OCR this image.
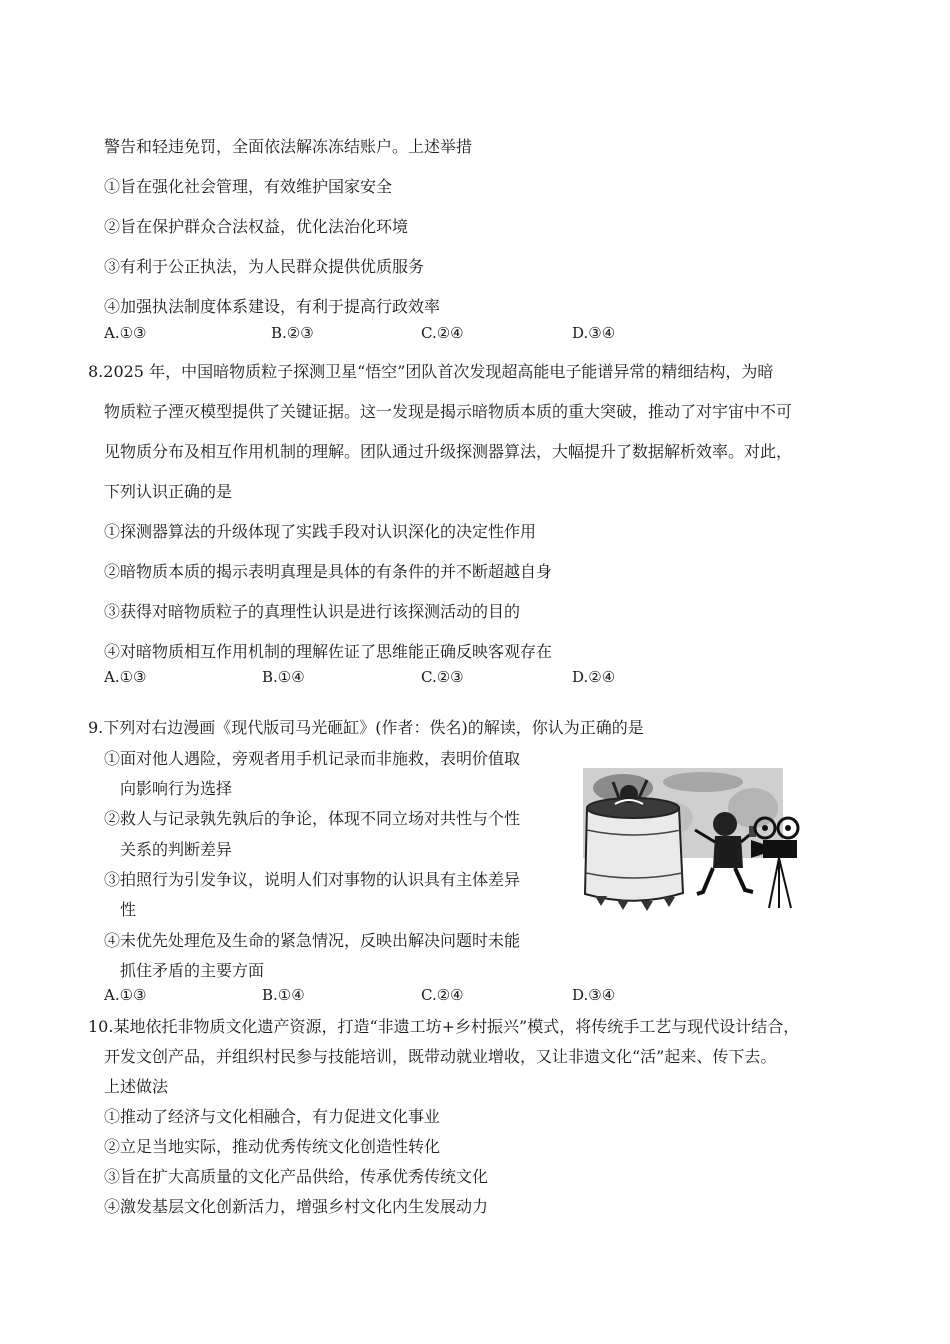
警告和轻违免罚，全面依法解冻冻结账户。上述举措
①旨在强化社会管理，有效维护国家安全
②旨在保护群众合法权益，优化法治化环境
③有利于公正执法，为人民群众提供优质服务
④加强执法制度体系建设，有利于提高行政效率
A.①③	B.②③	C.②④	D.③④
8.2025 年，中国暗物质粒子探测卫星“悟空”团队首次发现超高能电子能谱异常的精细结构，为暗
物质粒子湮灭模型提供了关键证据。这一发现是揭示暗物质本质的重大突破，推动了对宇宙中不可
见物质分布及相互作用机制的理解。团队通过升级探测器算法，大幅提升了数据解析效率。对此，
下列认识正确的是
①探测器算法的升级体现了实践手段对认识深化的决定性作用
②暗物质本质的揭示表明真理是具体的有条件的并不断超越自身
③获得对暗物质粒子的真理性认识是进行该探测活动的目的
④对暗物质相互作用机制的理解佐证了思维能正确反映客观存在
A.①③	B.①④	C.②③	D.②④
9.下列对右边漫画《现代版司马光砸缸》(作者：佚名)的解读，你认为正确的是
①面对他人遇险，旁观者用手机记录而非施救，表明价值取
向影响行为选择
②救人与记录孰先孰后的争论，体现不同立场对共性与个性
关系的判断差异
③拍照行为引发争议，说明人们对事物的认识具有主体差异
性
④未优先处理危及生命的紧急情况，反映出解决问题时未能
抓住矛盾的主要方面
A.①③	B.①④	C.②④	D.③④
10.某地依托非物质文化遗产资源，打造“非遗工坊+乡村振兴”模式，将传统手工艺与现代设计结合，
开发文创产品，并组织村民参与技能培训，既带动就业增收，又让非遗文化“活”起来、传下去。
上述做法
①推动了经济与文化相融合，有力促进文化事业
②立足当地实际，推动优秀传统文化创造性转化
③旨在扩大高质量的文化产品供给，传承优秀传统文化
④激发基层文化创新活力，增强乡村文化内生发展动力
